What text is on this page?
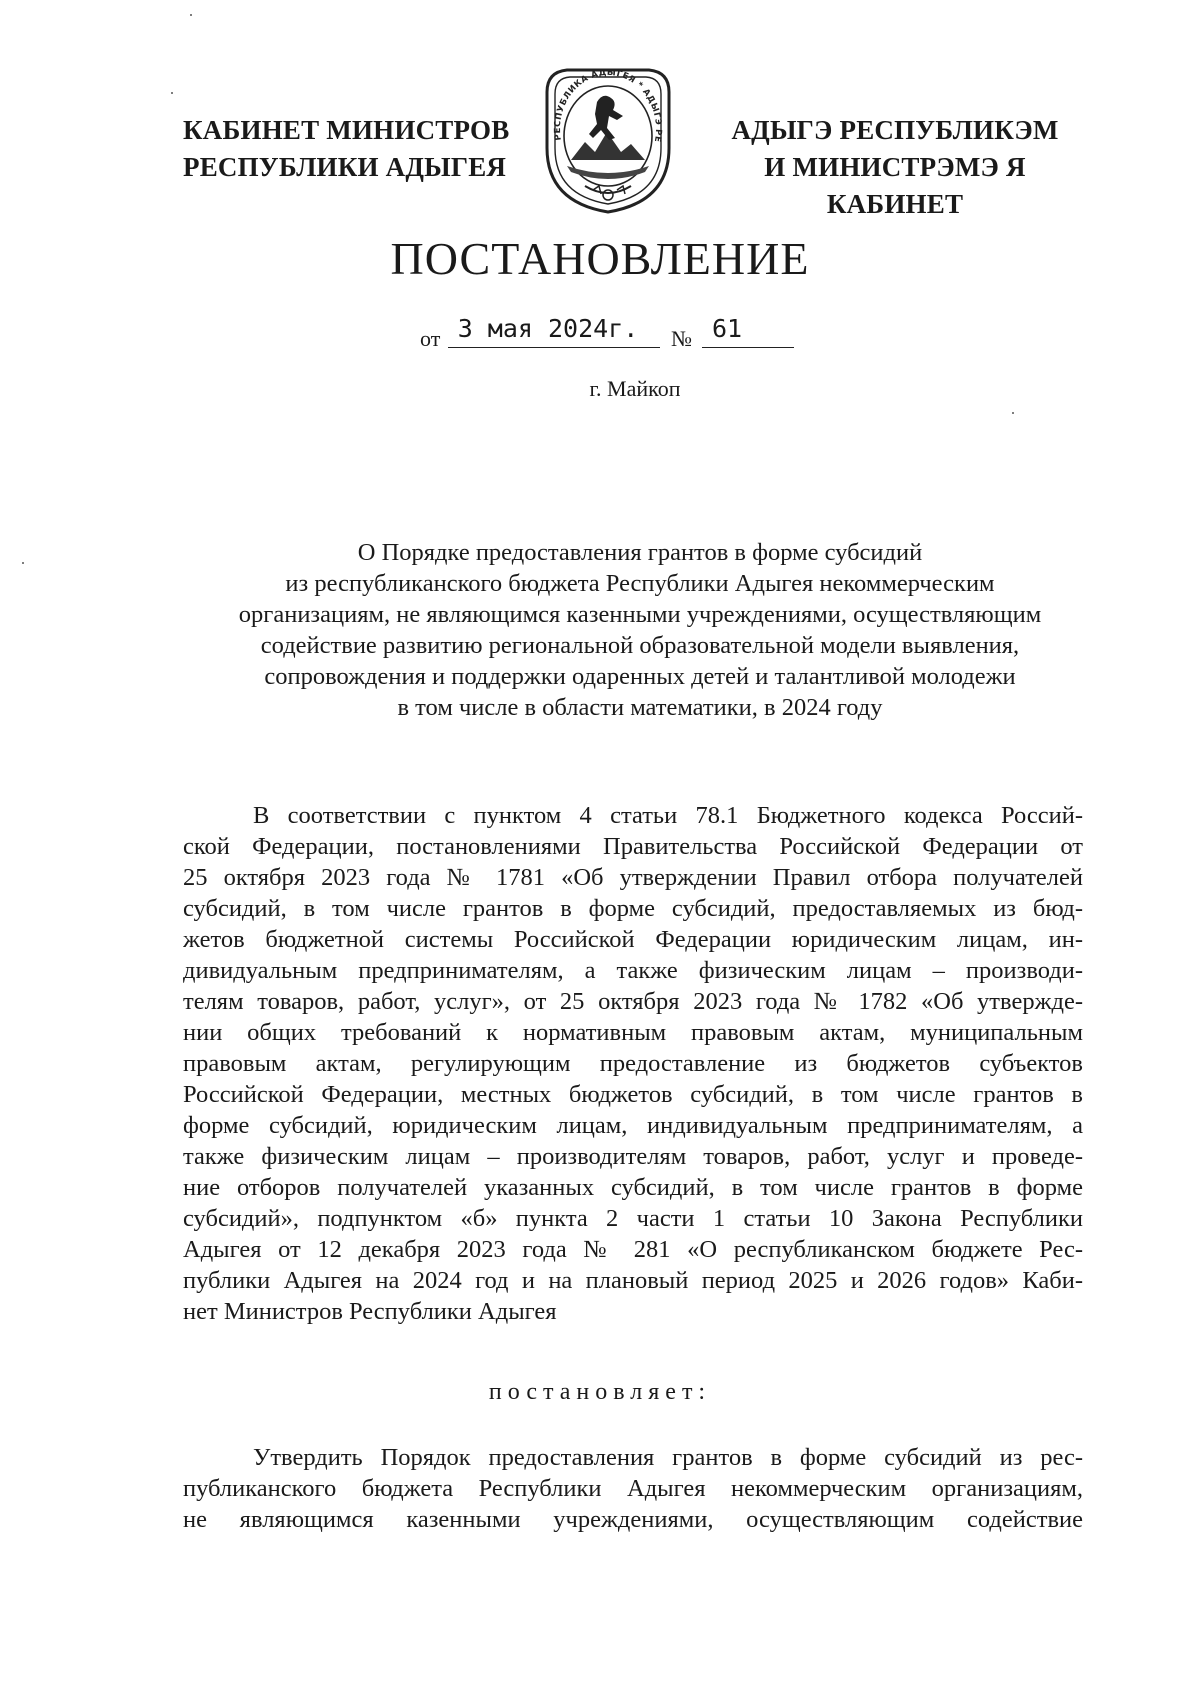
КАБИНЕТ МИНИСТРОВ
РЕСПУБЛИКИ АДЫГЕЯ
РЕСПУБЛИКА АДЫГЕЯ * АДЫГЭ РЕ	АДЫГЭ РЕСПУБЛИКЭМ
И МИНИСТРЭМЭ Я КАБИНЕТ
ПОСТАНОВЛЕНИЕ
от 3 мая 2024г.	№ 61
г. Майкоп
О Порядке предоставления грантов в форме субсидий
из республиканского бюджета Республики Адыгея некоммерческим
организациям, не являющимся казенными учреждениями, осуществляющим
содействие развитию региональной образовательной модели выявления,
сопровождения и поддержки одаренных детей и талантливой молодежи
в том числе в области математики, в 2024 году
В соответствии с пунктом 4 статьи 78.1 Бюджетного кодекса Россий-
ской Федерации, постановлениями Правительства Российской Федерации от
25 октября 2023 года № 1781 «Об утверждении Правил отбора получателей
субсидий, в том числе грантов в форме субсидий, предоставляемых из бюд-
жетов бюджетной системы Российской Федерации юридическим лицам, ин-
дивидуальным предпринимателям, а также физическим лицам – производи-
телям товаров, работ, услуг», от 25 октября 2023 года № 1782 «Об утвержде-
нии общих требований к нормативным правовым актам, муниципальным
правовым актам, регулирующим предоставление из бюджетов субъектов
Российской Федерации, местных бюджетов субсидий, в том числе грантов в
форме субсидий, юридическим лицам, индивидуальным предпринимателям, а
также физическим лицам – производителям товаров, работ, услуг и проведе-
ние отборов получателей указанных субсидий, в том числе грантов в форме
субсидий», подпунктом «б» пункта 2 части 1 статьи 10 Закона Республики
Адыгея от 12 декабря 2023 года № 281 «О республиканском бюджете Рес-
публики Адыгея на 2024 год и на плановый период 2025 и 2026 годов» Каби-
нет Министров Республики Адыгея
постановляет:
Утвердить Порядок предоставления грантов в форме субсидий из рес-
публиканского бюджета Республики Адыгея некоммерческим организациям,
не являющимся казенными учреждениями, осуществляющим содействие
